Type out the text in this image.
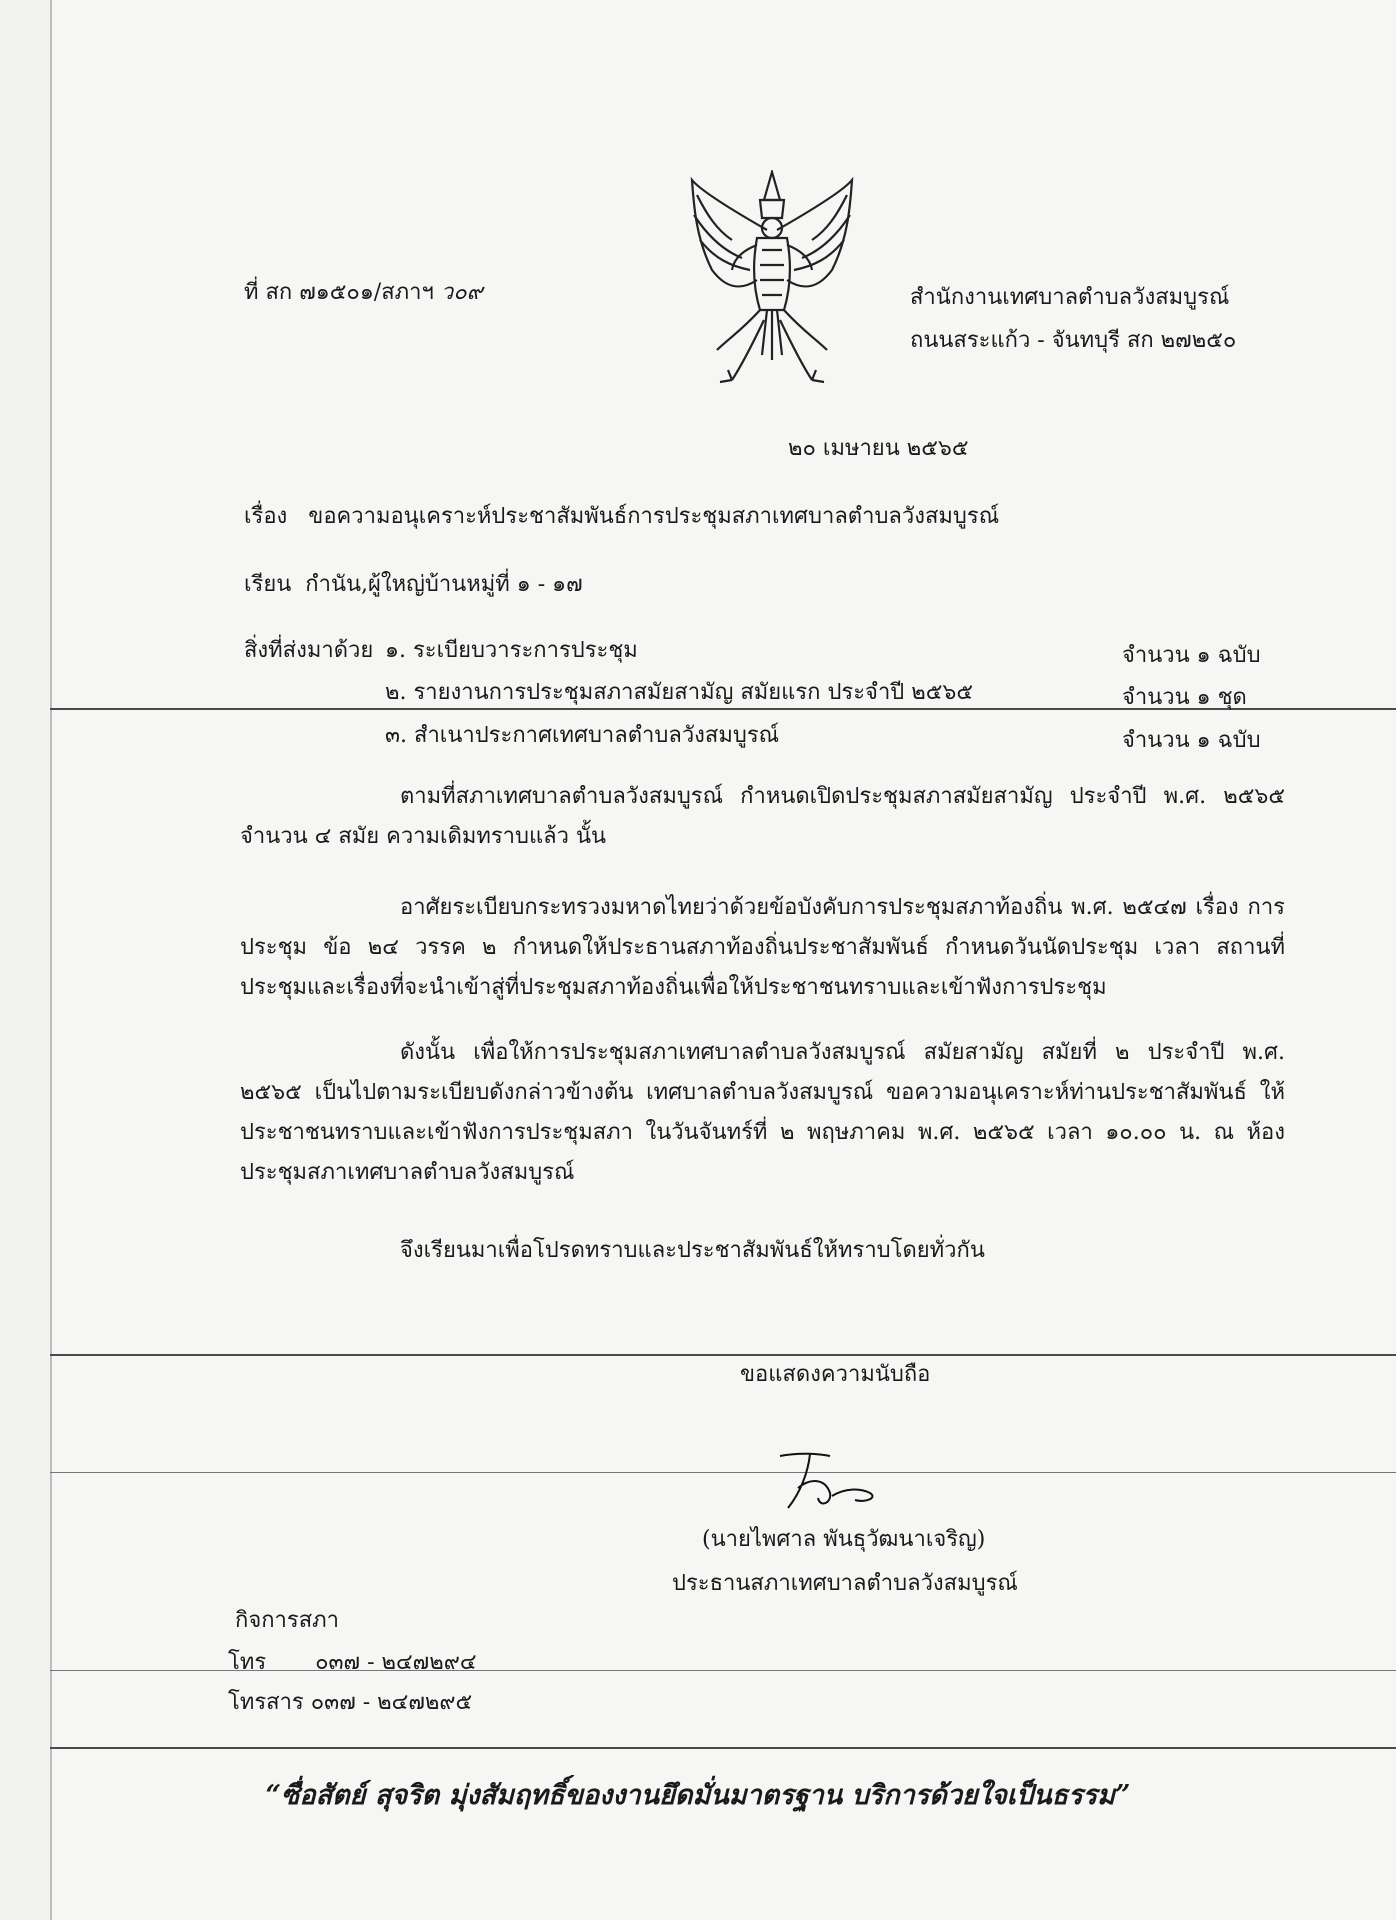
ที่ สก ๗๑๕๐๑/สภาฯ ว๐๙	สำนักงานเทศบาลตำบลวังสมบูรณ์
ถนนสระแก้ว - จันทบุรี สก ๒๗๒๕๐
๒๐ เมษายน ๒๕๖๕
เรื่อง ขอความอนุเคราะห์ประชาสัมพันธ์การประชุมสภาเทศบาลตำบลวังสมบูรณ์
เรียน กำนัน,ผู้ใหญ่บ้านหมู่ที่ ๑ - ๑๗
สิ่งที่ส่งมาด้วย ๑. ระเบียบวาระการประชุม	จำนวน ๑ ฉบับ
๒. รายงานการประชุมสภาสมัยสามัญ สมัยแรก ประจำปี ๒๕๖๕	จำนวน ๑ ชุด
๓. สำเนาประกาศเทศบาลตำบลวังสมบูรณ์	จำนวน ๑ ฉบับ
ตามที่สภาเทศบาลตำบลวังสมบูรณ์ กำหนดเปิดประชุมสภาสมัยสามัญ ประจำปี พ.ศ. ๒๕๖๕ จำนวน ๔ สมัย ความเดิมทราบแล้ว นั้น
อาศัยระเบียบกระทรวงมหาดไทยว่าด้วยข้อบังคับการประชุมสภาท้องถิ่น พ.ศ. ๒๕๔๗ เรื่อง การประชุม ข้อ ๒๔ วรรค ๒ กำหนดให้ประธานสภาท้องถิ่นประชาสัมพันธ์ กำหนดวันนัดประชุม เวลา สถานที่ ประชุมและเรื่องที่จะนำเข้าสู่ที่ประชุมสภาท้องถิ่นเพื่อให้ประชาชนทราบและเข้าฟังการประชุม
ดังนั้น เพื่อให้การประชุมสภาเทศบาลตำบลวังสมบูรณ์ สมัยสามัญ สมัยที่ ๒ ประจำปี พ.ศ. ๒๕๖๕ เป็นไปตามระเบียบดังกล่าวข้างต้น เทศบาลตำบลวังสมบูรณ์ ขอความอนุเคราะห์ท่านประชาสัมพันธ์ ให้ประชาชนทราบและเข้าฟังการประชุมสภา ในวันจันทร์ที่ ๒ พฤษภาคม พ.ศ. ๒๕๖๕ เวลา ๑๐.๐๐ น. ณ ห้องประชุมสภาเทศบาลตำบลวังสมบูรณ์
จึงเรียนมาเพื่อโปรดทราบและประชาสัมพันธ์ให้ทราบโดยทั่วกัน
ขอแสดงความนับถือ
(นายไพศาล พันธุวัฒนาเจริญ)
ประธานสภาเทศบาลตำบลวังสมบูรณ์
กิจการสภา
โทร ๐๓๗ - ๒๔๗๒๙๔
โทรสาร ๐๓๗ - ๒๔๗๒๙๕
“ซื่อสัตย์ สุจริต มุ่งสัมฤทธิ์ของงานยึดมั่นมาตรฐาน บริการด้วยใจเป็นธรรม”
